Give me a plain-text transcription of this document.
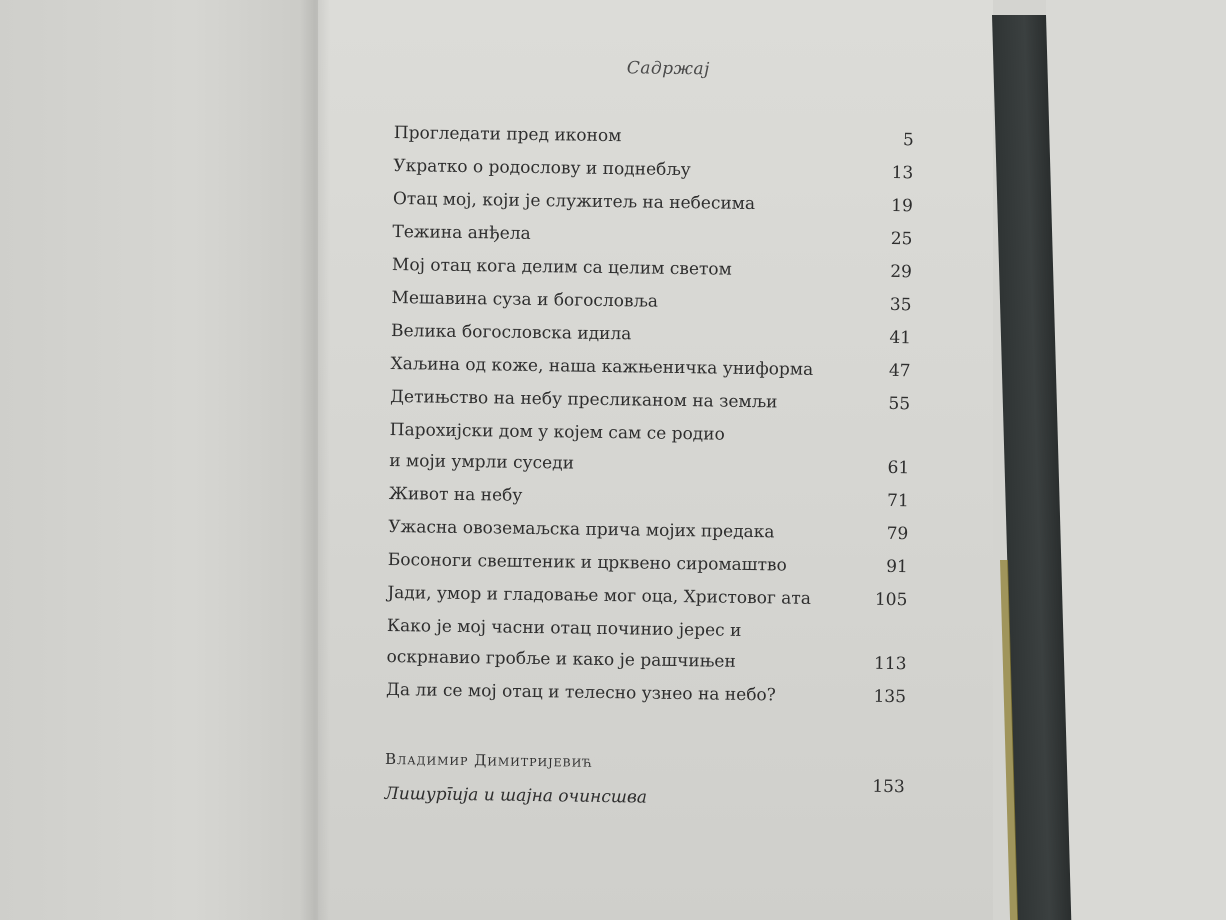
Садржај
Прогледати пред иконом	5
Укратко о родослову и поднебљу	13
Отац мој, који је служитељ на небесима	19
Тежина анђела	25
Мој отац кога делим са целим светом	29
Мешавина суза и богословља	35
Велика богословска идила	41
Хаљина од коже, наша кажњеничка униформа	47
Детињство на небу пресликаном на земљи	55
Парохијски дом у којем сам се родио
и моји умрли суседи	61
Живот на небу	71
Ужасна овоземаљска прича мојих предака	79
Босоноги свештеник и црквено сиромаштво	91
Јади, умор и гладовање мог оца, Христовог ата	105
Како је мој часни отац починио јерес и
оскрнавио гробље и како је рашчињен	113
Да ли се мој отац и телесно узнео на небо?	135
Владимир Димитријевић
Лишурīија и шајна очинсшва	153
